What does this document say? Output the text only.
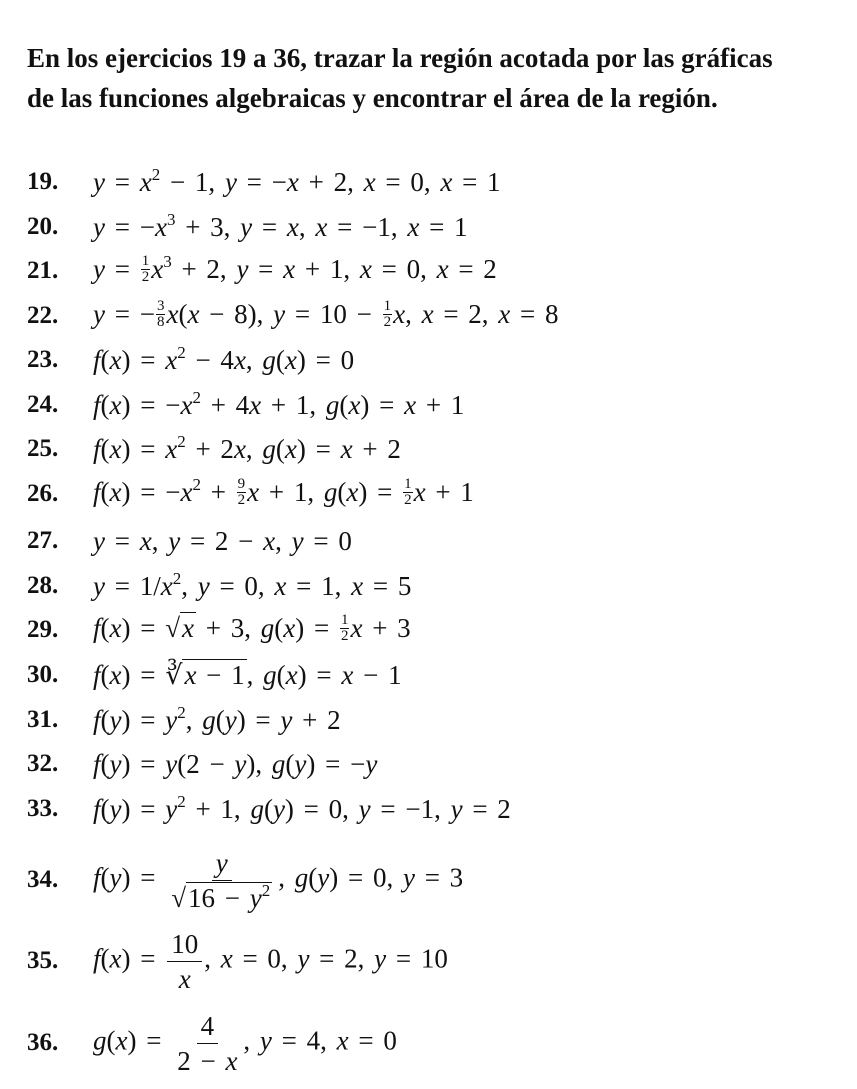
En los ejercicios 19 a 36, trazar la región acotada por las gráficas
de las funciones algebraicas y encontrar el área de la región.
19.	$y = x^2 - 1$, y = −x + 2, x = 0, x = 1
20.	$y = -x^3 + 3$, y = x, x = −1, x = 1
21.	$y = \frac{1}{2} x^3 + 2$, y = x + 1, x = 0, x = 2
22.	y = − $\frac{3}{8} x(x - 8)$, $y = 10 - \frac{1}{2} x$, x = 2, x = 8
23.	$f(x) = x^2 - 4x$, g(x) = 0
24.	$f(x) = -x^2 + 4x + 1$, g(x) = x + 1
25.	$f(x) = x^2 + 2x$, g(x) = x + 2
26.	$f(x) = -x^2 + \frac{9}{2}$ x + 1, $g(x) = \frac{1}{2}$ x + 1
27.	y = x, y = 2 − x, y = 0
28.	$y = 1/x^2$, y = 0, x = 1, x = 5
29.	f(x) = √x + 3, $g(x) = \frac{1}{2}$ x + 3
30.	f(x) = ∛x − 1, g(x) = x − 1
31.	$f(y) = y^2$, g(y) = y + 2
32.	f(y) = y(2 − y), g(y) = −y
33.	$f(y) = y^2 + 1$, g(y) = 0, y = −1, y = 2
34.	$f(y) = \frac{y}{√16 - y^2}$ , g(y) = 0, y = 3
35.	$f(x) = \frac{10}{x}$ , x = 0, y = 2, y = 10
36.	$g(x) = \frac{4}{2 - x}$ , y = 4, x = 0
